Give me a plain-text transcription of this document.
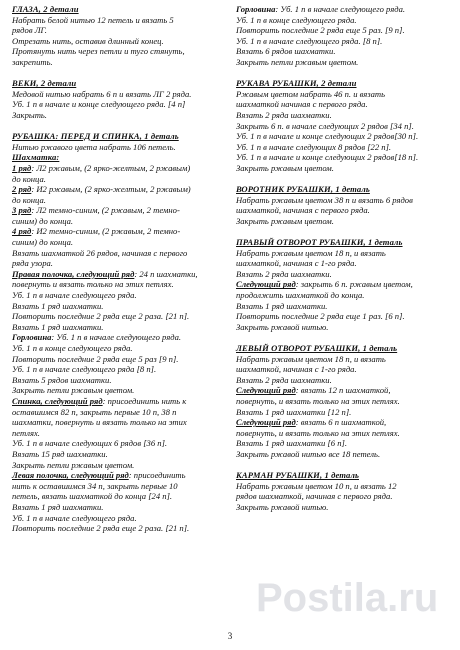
ГЛАЗА, 2 детали
Набрать белой нитью 12 петель и вязать 5
рядов ЛГ.
Отрезать нить, оставив длинный конец.
Протянуть нить через петли и туго стянуть,
закрепить.
ВЕКИ, 2 детали
Медовой нитью набрать 6 п и вязать ЛГ 2 ряда.
Уб. 1 п в начале и конце следующего ряда. [4 п]
Закрыть.
РУБАШКА: ПЕРЕД И СПИНКА, 1 деталь
Нитью ржавого цвета набрать 106 петель.
Шахматка:
1 ряд: Л2 ржавым, (2 ярко-желтым, 2 ржавым)
до конца.
2 ряд: И2 ржавым, (2 ярко-желтым, 2 ржавым)
до конца.
3 ряд: Л2 темно-синим, (2 ржавым, 2 темно-
синим) до конца.
4 ряд: И2 темно-синим, (2 ржавым, 2 темно-
синим) до конца.
Вязать шахматкой 26 рядов, начиная с первого
ряда узора.
Правая полочка, следующий ряд: 24 п шахматки,
повернуть и вязать только на этих петлях.
Уб. 1 п в начале следующего ряда.
Вязать 1 ряд шахматки.
Повторить последние 2 ряда еще 2 раза. [21 п].
Вязать 1 ряд шахматки.
Горловина: Уб. 1 п в начале следующего ряда.
Уб. 1 п в конце следующего ряда.
Повторить последние 2 ряда еще 5 раз [9 п].
Уб. 1 п в начале следующего ряда [8 п].
Вязать 5 рядов шахматки.
Закрыть петли ржавым цветом.
Спинка, следующий ряд: присоединить нить к
оставшимся 82 п, закрыть первые 10 п, 38 п
шахматки, повернуть и вязать только на этих
петлях.
Уб. 1 п в начале следующих 6 рядов [36 п].
Вязать 15 ряд шахматки.
Закрыть петли ржавым цветом.
Левая полочка, следующий ряд: присоединить
нить к оставшимся 34 п, закрыть первые 10
петель, вязать шахматкой до конца [24 п].
Вязать 1 ряд шахматки.
Уб. 1 п в начале следующего ряда.
Повторить последние 2 ряда еще 2 раза. [21 п].
Горловина: Уб. 1 п в начале следующего ряда.
Уб. 1 п в конце следующего ряда.
Повторить последние 2 ряда еще 5 раз. [9 п].
Уб. 1 п в начале следующего ряда. [8 п].
Вязать 6 рядов шахматки.
Закрыть петли ржавым цветом.
РУКАВА РУБАШКИ, 2 детали
Ржавым цветом набрать 46 п. и вязать
шахматкой начиная с первого ряда.
Вязать 2 ряда шахматки.
Закрыть 6 п. в начале следующих 2 рядов [34 п].
Уб. 1 п в начале и конце следующих 2 рядов[30 п].
Уб. 1 п в начале следующих 8 рядов [22 п].
Уб. 1 п в начале и конце следующих 2 рядов[18 п].
Закрыть ржавым цветом.
ВОРОТНИК РУБАШКИ, 1 деталь
Набрать ржавым цветом 38 п и вязать 6 рядов
шахматкой, начиная с первого ряда.
Закрыть ржавым цветом.
ПРАВЫЙ ОТВОРОТ РУБАШКИ, 1 деталь
Набрать ржавым цветом 18 п, и вязать
шахматкой, начиная с 1-го ряда.
Вязать 2 ряда шахматки.
Следующий ряд: закрыть 6 п. ржавым цветом,
продолжить шахматкой до конца.
Вязать 1 ряд шахматки.
Повторить последние 2 ряда еще 1 раз. [6 п].
Закрыть ржавой нитью.
ЛЕВЫЙ ОТВОРОТ РУБАШКИ, 1 деталь
Набрать ржавым цветом 18 п, и вязать
шахматкой, начиная с 1-го ряда.
Вязать 2 ряда шахматки.
Следующий ряд: вязать 12 п шахматкой,
повернуть, и вязать только на этих петлях.
Вязать 1 ряд шахматки [12 п].
Следующий ряд: вязать 6 п шахматкой,
повернуть, и вязать только на этих петлях.
Вязать 1 ряд шахматки [6 п].
Закрыть ржавой нитью все 18 петель.
КАРМАН РУБАШКИ, 1 деталь
Набрать ржавым цветом 10 п, и вязать 12
рядов шахматкой, начиная с первого ряда.
Закрыть ржавой нитью.
Postila.ru
3
